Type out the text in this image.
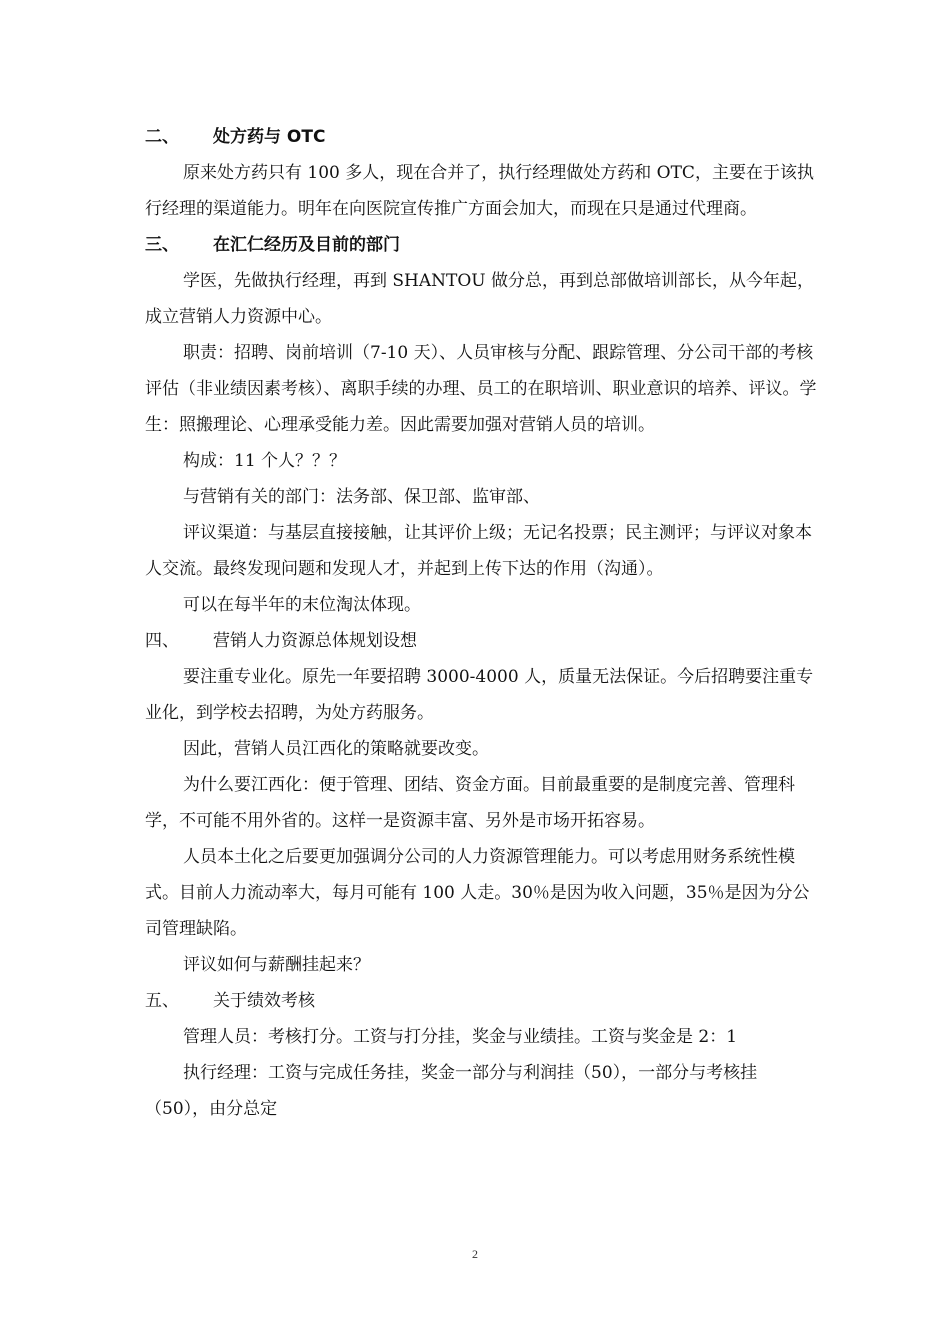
二、 处方药与 OTC

原来处方药只有 100 多人，现在合并了，执行经理做处方药和 OTC，主要在于该执行经理的渠道能力。明年在向医院宣传推广方面会加大，而现在只是通过代理商。

三、 在汇仁经历及目前的部门

学医，先做执行经理，再到 SHANTOU 做分总，再到总部做培训部长，从今年起，成立营销人力资源中心。

职责：招聘、岗前培训（7-10 天）、人员审核与分配、跟踪管理、分公司干部的考核评估（非业绩因素考核）、离职手续的办理、员工的在职培训、职业意识的培养、评议。学生：照搬理论、心理承受能力差。因此需要加强对营销人员的培训。

构成：11 个人？？？

与营销有关的部门：法务部、保卫部、监审部、

评议渠道：与基层直接接触，让其评价上级；无记名投票；民主测评；与评议对象本人交流。最终发现问题和发现人才，并起到上传下达的作用（沟通）。

可以在每半年的末位淘汰体现。

四、 营销人力资源总体规划设想

要注重专业化。原先一年要招聘 3000-4000 人，质量无法保证。今后招聘要注重专业化，到学校去招聘，为处方药服务。

因此，营销人员江西化的策略就要改变。

为什么要江西化：便于管理、团结、资金方面。目前最重要的是制度完善、管理科学，不可能不用外省的。这样一是资源丰富、另外是市场开拓容易。

人员本土化之后要更加强调分公司的人力资源管理能力。可以考虑用财务系统性模式。目前人力流动率大，每月可能有 100 人走。30％是因为收入问题，35％是因为分公司管理缺陷。

评议如何与薪酬挂起来？

五、 关于绩效考核

管理人员：考核打分。工资与打分挂，奖金与业绩挂。工资与奖金是 2：1

执行经理：工资与完成任务挂，奖金一部分与利润挂（50），一部分与考核挂（50），由分总定

2
